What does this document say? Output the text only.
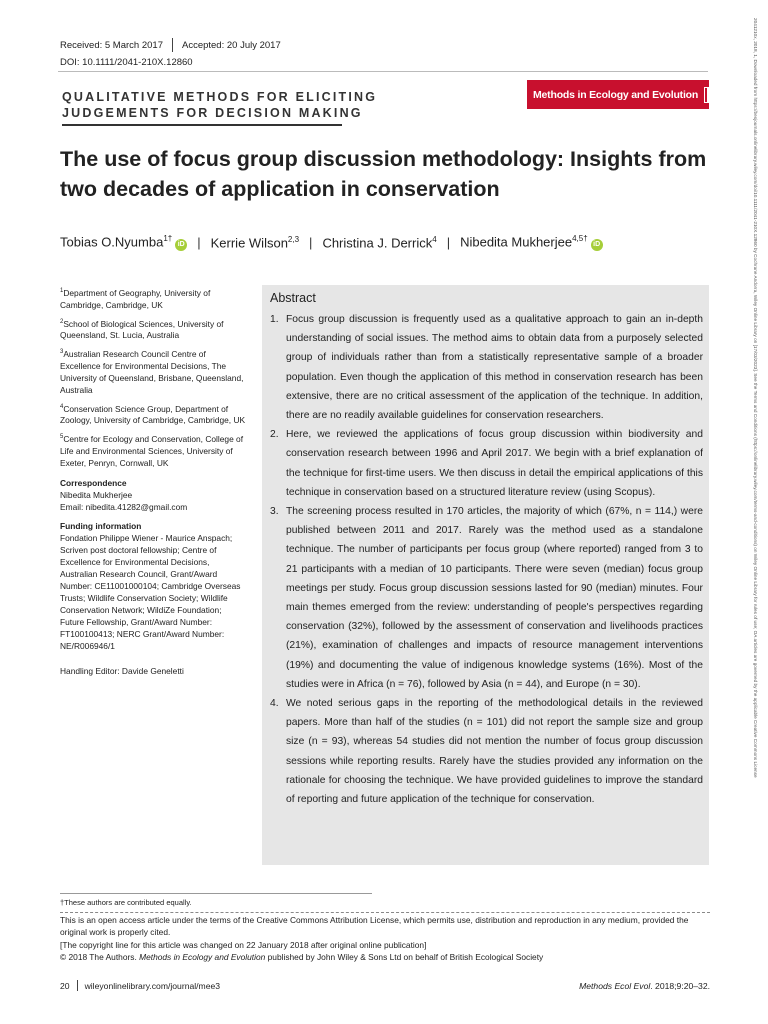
Received: 5 March 2017 Accepted: 20 July 2017
DOI: 10.1111/2041-210X.12860
QUALITATIVE METHODS FOR ELICITING
JUDGEMENTS FOR DECISION MAKING
Methods in Ecology and Evolution
BRITISH
ECOLOGICAL
SOCIETY
The use of focus group discussion methodology: Insights from two decades of application in conservation
Tobias O.Nyumba$^{1\dagger}$iD | Kerrie Wilson$^{2,3}$ | Christina J. Derrick$^4$ | Nibedita Mukherjee$^{4,5\dagger}$iD
$^1$Department of Geography, University of Cambridge, Cambridge, UK
$^2$School of Biological Sciences, University of Queensland, St. Lucia, Australia
$^3$Australian Research Council Centre of Excellence for Environmental Decisions, The University of Queensland, Brisbane, Queensland, Australia
$^4$Conservation Science Group, Department of Zoology, University of Cambridge, Cambridge, UK
$^5$Centre for Ecology and Conservation, College of Life and Environmental Sciences, University of Exeter, Penryn, Cornwall, UK
Correspondence
Nibedita Mukherjee
Email: nibedita.41282@gmail.com
Funding information
Fondation Philippe Wiener - Maurice Anspach; Scriven post doctoral fellowship; Centre of Excellence for Environmental Decisions, Australian Research Council, Grant/Award Number: CE11001000104; Cambridge Overseas Trusts; Wildlife Conservation Society; Wildlife Conservation Network; WildiZe Foundation; Future Fellowship, Grant/Award Number: FT100100413; NERC Grant/Award Number: NE/R006946/1
Handling Editor: Davide Geneletti
Abstract
1. Focus group discussion is frequently used as a qualitative approach to gain an in-depth understanding of social issues. The method aims to obtain data from a purposely selected group of individuals rather than from a statistically representative sample of a broader population. Even though the application of this method in conservation research has been extensive, there are no critical assessment of the application of the technique. In addition, there are no readily available guidelines for conservation researchers.
2. Here, we reviewed the applications of focus group discussion within biodiversity and conservation research between 1996 and April 2017. We begin with a brief explanation of the technique for first-time users. We then discuss in detail the empirical applications of this technique in conservation based on a structured literature review (using Scopus).
3. The screening process resulted in 170 articles, the majority of which (67%, n = 114,) were published between 2011 and 2017. Rarely was the method used as a standalone technique. The number of participants per focus group (where reported) ranged from 3 to 21 participants with a median of 10 participants. There were seven (median) focus group meetings per study. Focus group discussion sessions lasted for 90 (median) minutes. Four main themes emerged from the review: understanding of people's perspectives regarding conservation (32%), followed by the assessment of conservation and livelihoods practices (21%), examination of challenges and impacts of resource management interventions (19%) and documenting the value of indigenous knowledge systems (16%). Most of the studies were in Africa (n = 76), followed by Asia (n = 44), and Europe (n = 30).
4. We noted serious gaps in the reporting of the methodological details in the reviewed papers. More than half of the studies (n = 101) did not report the sample size and group size (n = 93), whereas 54 studies did not mention the number of focus group discussion sessions while reporting results. Rarely have the studies provided any information on the rationale for choosing the technique. We have provided guidelines to improve the standard of reporting and future application of the technique for conservation.
†These authors are contributed equally.
This is an open access article under the terms of the Creative Commons Attribution License, which permits use, distribution and reproduction in any medium, provided the original work is properly cited.
[The copyright line for this article was changed on 22 January 2018 after original online publication]
© 2018 The Authors. Methods in Ecology and Evolution published by John Wiley & Sons Ltd on behalf of British Ecological Society
20 wileyonlinelibrary.com/journal/mee3	Methods Ecol Evol. 2018;9:20–32.
2041210x, 2018, 1, Downloaded from https://besjournals.onlinelibrary.wiley.com/doi/10.1111/2041-210X.12860 by Cochrane Andorra, Wiley Online Library on [17/03/2023]. See the Terms and Conditions (https://onlinelibrary.wiley.com/terms-and-conditions) on Wiley Online Library for rules of use; OA articles are governed by the applicable Creative Commons License
